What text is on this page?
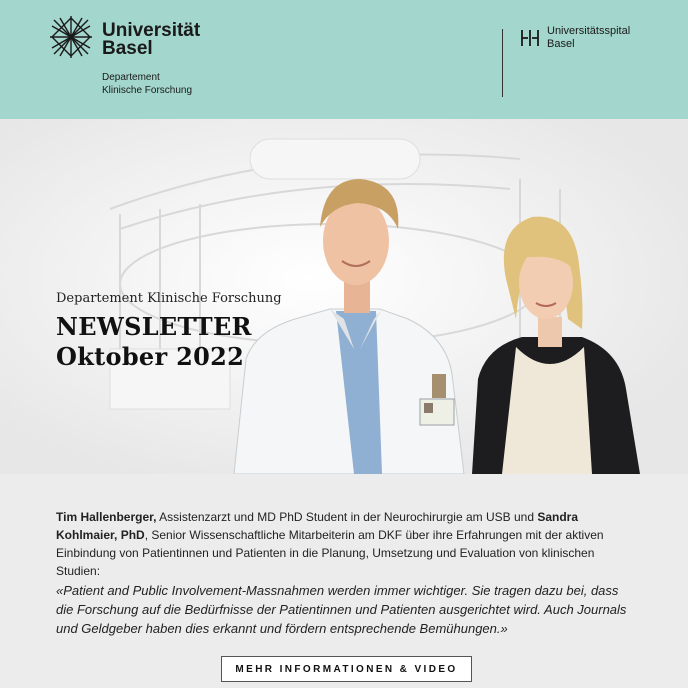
Universität
Basel
Departement
Klinische Forschung
Universitätsspital
Basel
Departement Klinische Forschung
NEWSLETTER
Oktober 2022
Tim Hallenberger, Assistenzarzt und MD PhD Student in der Neurochirurgie am USB und Sandra Kohlmaier, PhD, Senior Wissenschaftliche Mitarbeiterin am DKF über ihre Erfahrungen mit der aktiven Einbindung von Patientinnen und Patienten in die Planung, Umsetzung und Evaluation von klinischen Studien:
«Patient and Public Involvement-Massnahmen werden immer wichtiger. Sie tragen dazu bei, dass die Forschung auf die Bedürfnisse der Patientinnen und Patienten ausgerichtet wird. Auch Journals und Geldgeber haben dies erkannt und fördern entsprechende Bemühungen.»
MEHR INFORMATIONEN & VIDEO
